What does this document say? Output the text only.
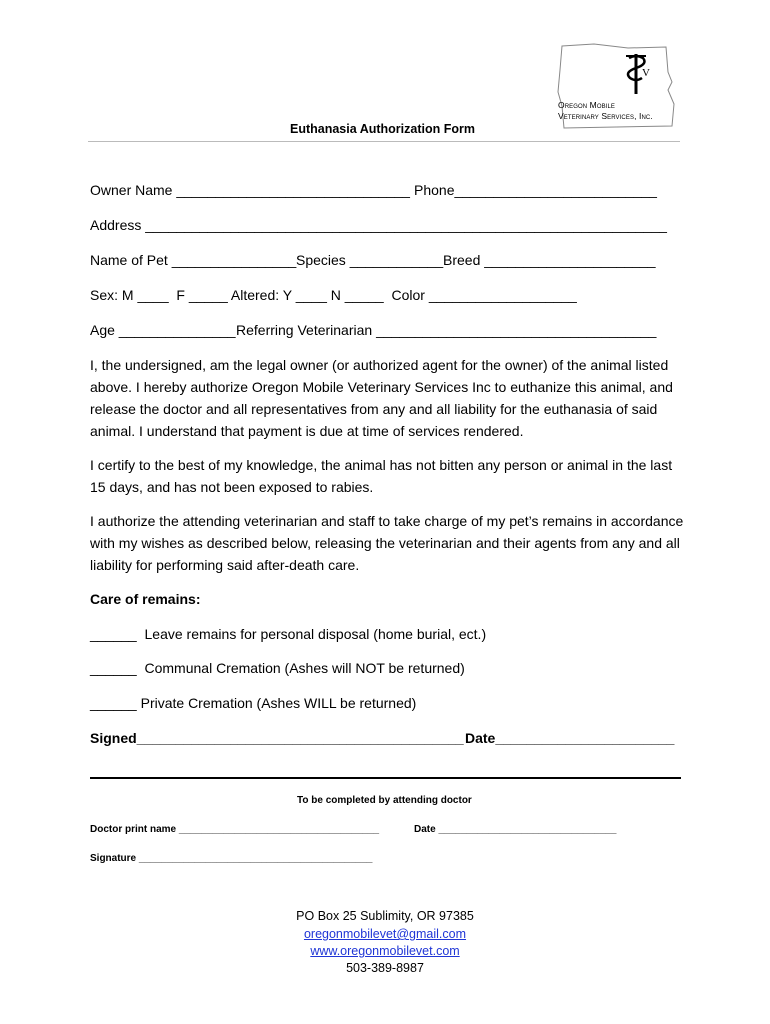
V
Oregon Mobile
Veterinary Services, Inc.
Euthanasia Authorization Form
Owner Name ______________________________ Phone__________________________
Address ___________________________________________________________________
Name of Pet ________________ Species ____________ Breed ______________________
Sex: M ____  F _____ Altered: Y ____ N _____  Color ___________________
Age _______________ Referring Veterinarian ____________________________________

I, the undersigned, am the legal owner (or authorized agent for the owner) of the animal listed above. I hereby authorize Oregon Mobile Veterinary Services Inc to euthanize this animal, and release the doctor and all representatives from any and all liability for the euthanasia of said animal. I understand that payment is due at time of services rendered.

I certify to the best of my knowledge, the animal has not bitten any person or animal in the last 15 days, and has not been exposed to rabies.

I authorize the attending veterinarian and staff to take charge of my pet’s remains in accordance with my wishes as described below, releasing the veterinarian and their agents from any and all liability for performing said after-death care.

Care of remains:
______  Leave remains for personal disposal (home burial, ect.)
______  Communal Cremation (Ashes will NOT be returned)
______ Private Cremation (Ashes WILL be returned)
Signed__________________________________________ Date_______________________
To be completed by attending doctor
Doctor print name ____________________________________	Date ________________________________
Signature __________________________________________
PO Box 25 Sublimity, OR 97385
oregonmobilevet@gmail.com
www.oregonmobilevet.com
503-389-8987
